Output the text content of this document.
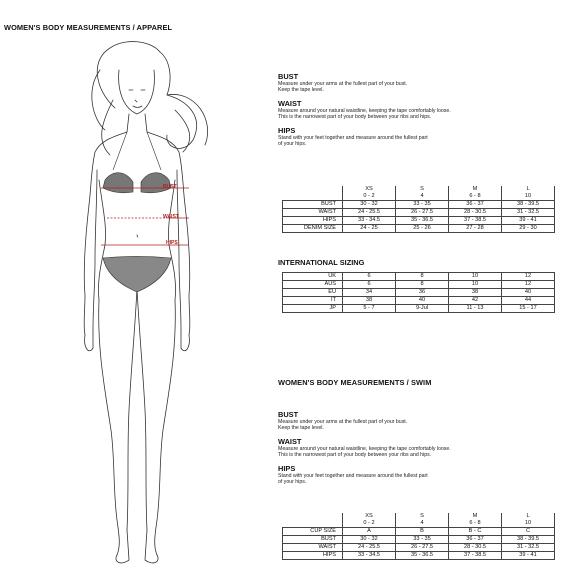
WOMEN'S BODY MEASUREMENTS / APPAREL
BUST
WAIST
HIPS

BUST

Measure under your arms at the fullest part of your bust.
Keep the tape level.

WAIST

Measure around your natural waistline, keeping the tape comfortably loose.
This is the narrowest part of your body between your ribs and hips.

HIPS

Stand with your feet together and measure around the fullest part
of your hips.

	XS	S	M	L
	0 - 2	4	6 - 8	10
BUST	30 - 32	33 - 35	36 - 37	38 - 39.5
WAIST	24 - 25.5	26 - 27.5	28 - 30.5	31 - 32.5
HIPS	33 - 34.5	35 - 36.5	37 - 38.5	39 - 41
DENIM SIZE	24 - 25	25 - 26	27 - 28	29 - 30
INTERNATIONAL SIZING
UK	6	8	10	12
AUS	6	8	10	12
EU	34	36	38	40
IT	38	40	42	44
JP	5 - 7	9-Jul	11 - 13	15 - 17
WOMEN'S BODY MEASUREMENTS / SWIM

BUST

Measure under your arms at the fullest part of your bust.
Keep the tape level.

WAIST

Measure around your natural waistline, keeping the tape comfortably loose.
This is the narrowest part of your body between your ribs and hips.

HIPS

Stand with your feet together and measure around the fullest part
of your hips.

	XS	S	M	L
	0 - 2	4	6 - 8	10
CUP SIZE	A	B	B - C	C
BUST	30 - 32	33 - 35	36 - 37	38 - 39.5
WAIST	24 - 25.5	26 - 27.5	28 - 30.5	31 - 32.5
HIPS	33 - 34.5	35 - 36.5	37 - 38.5	39 - 41
